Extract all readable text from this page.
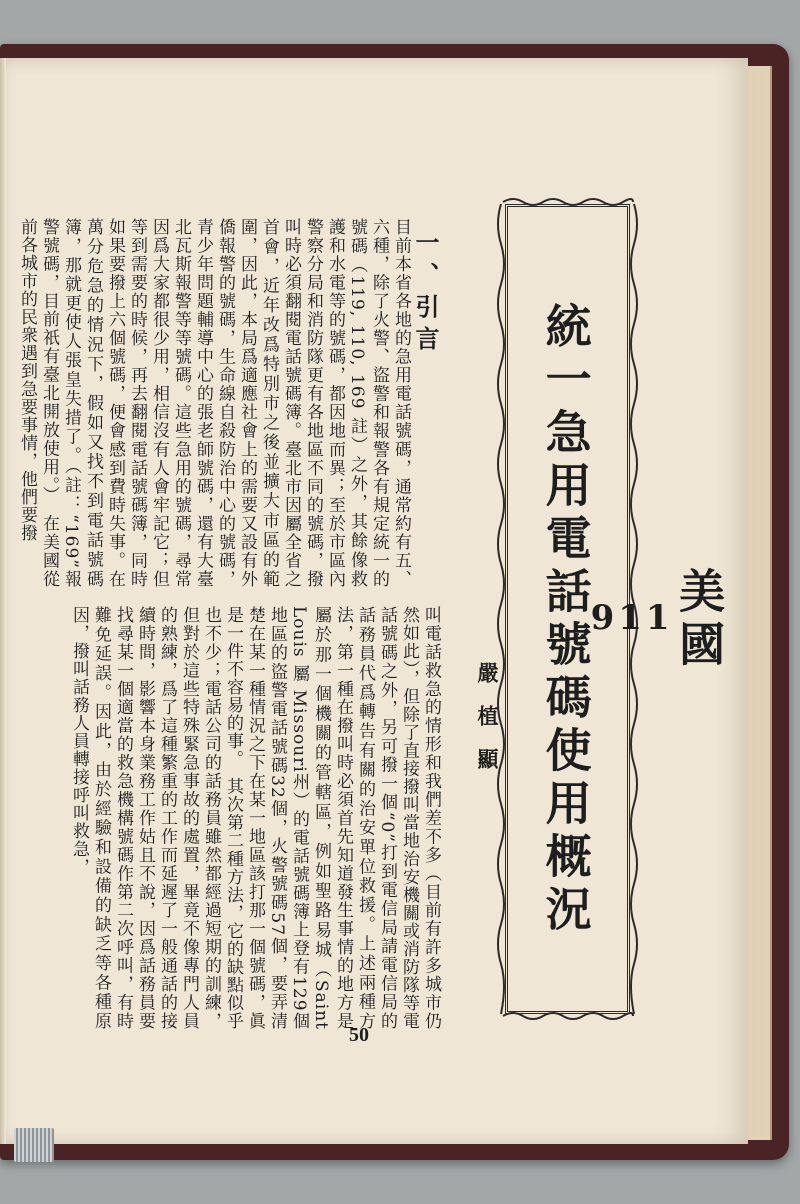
美國
911
統一急用電話號碼使用概況
嚴植顯
一、引言
目前本省各地的急用電話號碼，通常約有五、六種，除了火警、盜警和報警各有規定統一的號碼（119, 110, 169 註）之外，其餘像救護和水電等的號碼，都因地而異；至於市區內警察分局和消防隊更有各地區不同的號碼，撥叫時必須翻閱電話號碼簿。臺北市因屬全省之首會，近年改爲特別市之後並擴大市區的範圍，因此，本局爲適應社會上的需要又設有外僑報警的號碼，生命線自殺防治中心的號碼，青少年問題輔導中心的張老師號碼，還有大臺北瓦斯報警等等號碼。這些急用的號碼，尋常因爲大家都很少用，相信沒有人會牢記它；但等到需要的時候，再去翻閱電話號碼簿，同時如果要撥上六個號碼，便會感到費時失事。在萬分危急的情況下，假如又找不到電話號碼簿，那就更使人張皇失措了。（註：“169”報警號碼，目前祇有臺北開放使用。）　在美國從前各城市的民衆遇到急要事情，他們要撥
叫電話救急的情形和我們差不多（目前有許多城市仍然如此），但除了直接撥叫當地治安機關或消防隊等電話號碼之外，另可撥一個“0”打到電信局請電信局的話務員代爲轉告有關的治安單位救援。上述兩種方法，第一種在撥叫時必須首先知道發生事情的地方是屬於那一個機關的管轄區，例如聖路易城（Saint Louis 屬 Missouri州）的電話號碼簿上登有129個地區的盜警電話號碼32個，火警號碼57個，要弄清楚在某一種情況之下在某一地區該打那一個號碼，眞是一件不容易的事。　其次第二種方法，它的缺點似乎也不少；電話公司的話務員雖然都經過短期的訓練，但對於這些特殊緊急事故的處置，畢竟不像專門人員的熟練，爲了這種繁重的工作而延遲了一般通話的接續時間，影響本身業務工作姑且不說，因爲話務員要找尋某一個適當的救急機構號碼作第二次呼叫，有時難免延誤。因此，由於經驗和設備的缺乏等各種原因，撥叫話務人員轉接呼叫救急，
50
